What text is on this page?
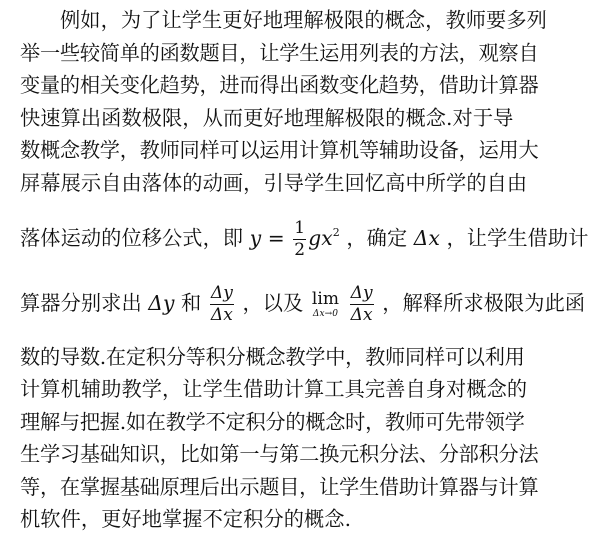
例如，为了让学生更好地理解极限的概念，教师要多列
举一些较简单的函数题目，让学生运用列表的方法，观察自
变量的相关变化趋势，进而得出函数变化趋势，借助计算器
快速算出函数极限，从而更好地理解极限的概念.对于导
数概念教学，教师同样可以运用计算机等辅助设备，运用大
屏幕展示自由落体的动画，引导学生回忆高中所学的自由
落体运动的位移公式，即 $y = \frac{1}{2} gx^2$ ，确定 Δx ，让学生借助计
算器分别求出 Δy 和 $\frac{\Delta y}{\Delta x}$ ，以及 lim
Δx→0
$\frac{\Delta y}{\Delta x}$ ，解释所求极限为此函
数的导数.在定积分等积分概念教学中，教师同样可以利用
计算机辅助教学，让学生借助计算工具完善自身对概念的
理解与把握.如在教学不定积分的概念时，教师可先带领学
生学习基础知识，比如第一与第二换元积分法、分部积分法
等，在掌握基础原理后出示题目，让学生借助计算器与计算
机软件，更好地掌握不定积分的概念.
